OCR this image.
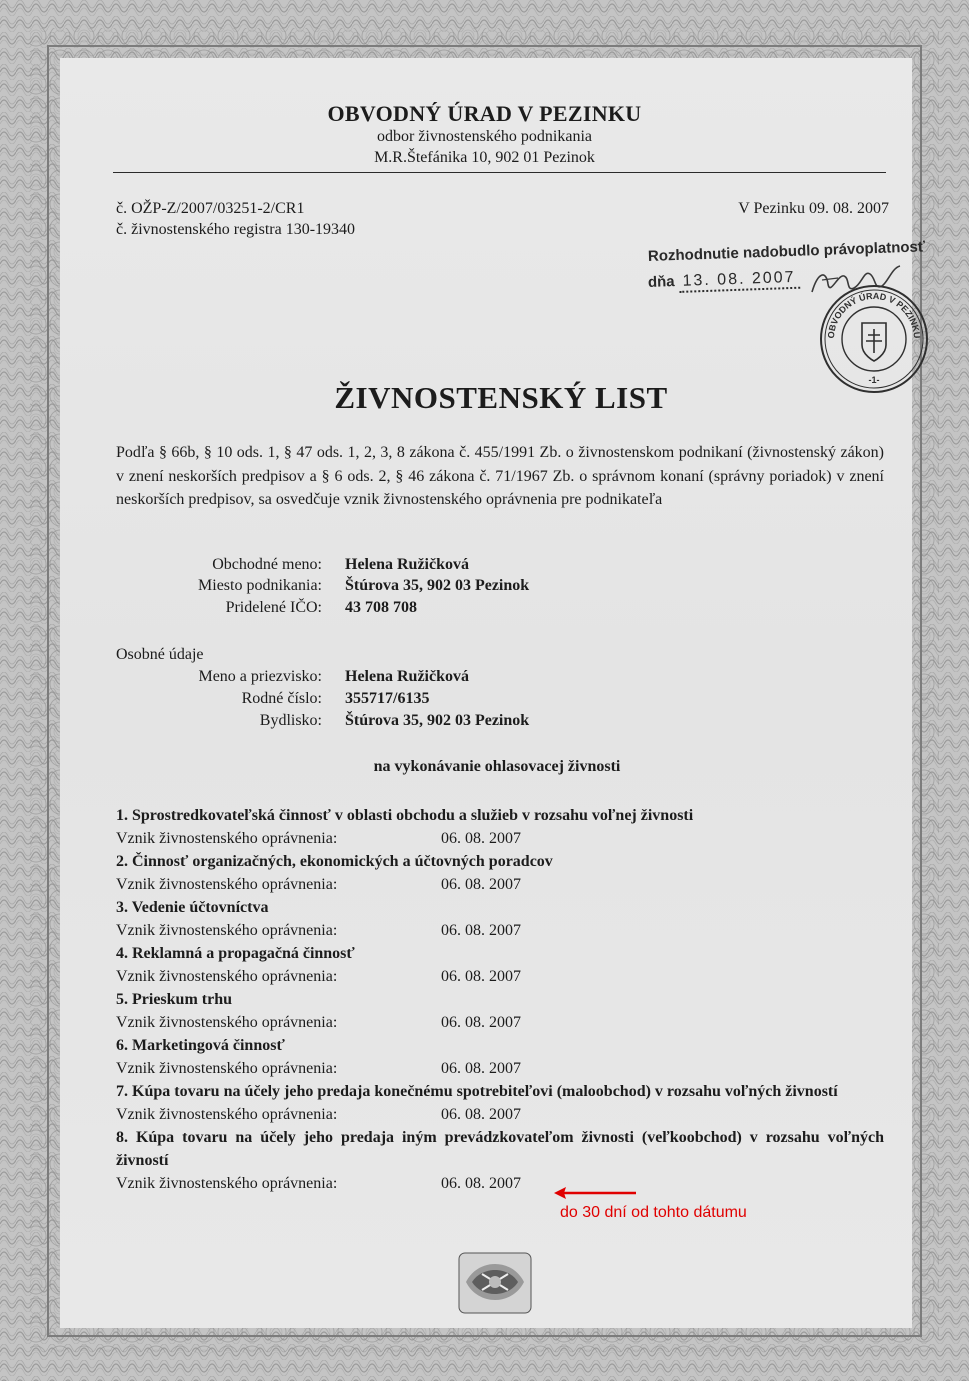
OBVODNÝ ÚRAD V PEZINKU
odbor živnostenského podnikania
M.R.Štefánika 10, 902 01 Pezinok
č. OŽP-Z/2007/03251-2/CR1
č. živnostenského registra 130-19340
V Pezinku 09. 08. 2007
Rozhodnutie nadobudlo právoplatnosť
dňa 13. 08. 2007
OBVODNÝ ÚRAD V PEZINKU
-1-
ŽIVNOSTENSKÝ LIST
Podľa § 66b, § 10 ods. 1, § 47 ods. 1, 2, 3, 8 zákona č. 455/1991 Zb. o živnostenskom podnikaní (živnostenský zákon) v znení neskorších predpisov a § 6 ods. 2, § 46 zákona č. 71/1967 Zb. o správnom konaní (správny poriadok) v znení neskorších predpisov, sa osvedčuje vznik živnostenského oprávnenia pre podnikateľa
Obchodné meno: Helena Ružičková
Miesto podnikania: Štúrova 35, 902 03 Pezinok
Pridelené IČO: 43 708 708
Osobné údaje
Meno a priezvisko: Helena Ružičková
Rodné číslo: 355717/6135
Bydlisko: Štúrova 35, 902 03 Pezinok
na vykonávanie ohlasovacej živnosti
1. Sprostredkovateľská činnosť v oblasti obchodu a služieb v rozsahu voľnej živnosti
Vznik živnostenského oprávnenia:	06. 08. 2007
2. Činnosť organizačných, ekonomických a účtovných poradcov
Vznik živnostenského oprávnenia:	06. 08. 2007
3. Vedenie účtovníctva
Vznik živnostenského oprávnenia:	06. 08. 2007
4. Reklamná a propagačná činnosť
Vznik živnostenského oprávnenia:	06. 08. 2007
5. Prieskum trhu
Vznik živnostenského oprávnenia:	06. 08. 2007
6. Marketingová činnosť
Vznik živnostenského oprávnenia:	06. 08. 2007
7. Kúpa tovaru na účely jeho predaja konečnému spotrebiteľovi (maloobchod) v rozsahu voľných živností
Vznik živnostenského oprávnenia:	06. 08. 2007
8. Kúpa tovaru na účely jeho predaja iným prevádzkovateľom živnosti (veľkoobchod) v rozsahu voľných živností
Vznik živnostenského oprávnenia:	06. 08. 2007
do 30 dní od tohto dátumu
